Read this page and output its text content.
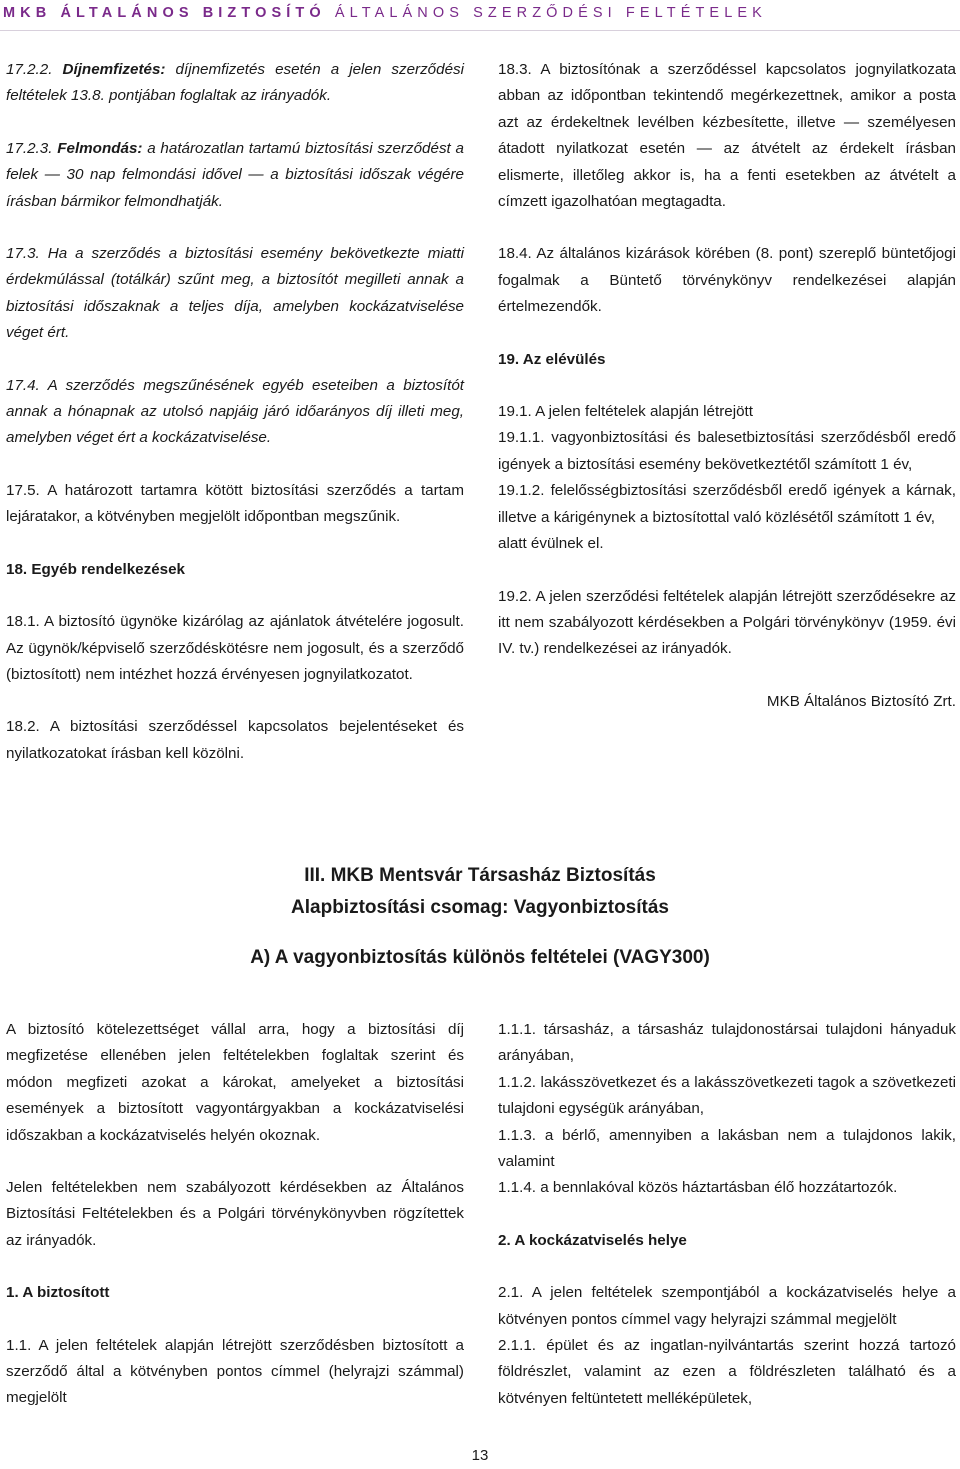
MKB ÁLTALÁNOS BIZTOSÍTÓ ÁLTALÁNOS SZERZŐDÉSI FELTÉTELEK

17.2.2. Díjnemfizetés: díjnemfizetés esetén a jelen szerződési feltételek 13.8. pontjában foglaltak az irányadók.

17.2.3. Felmondás: a határozatlan tartamú biztosítási szerződést a felek — 30 nap felmondási idővel — a biztosítási időszak végére írásban bármikor felmondhatják.

17.3. Ha a szerződés a biztosítási esemény bekövetkezte miatti érdekmúlással (totálkár) szűnt meg, a biztosítót megilleti annak a biztosítási időszaknak a teljes díja, amelyben kockázatviselése véget ért.

17.4. A szerződés megszűnésének egyéb eseteiben a biztosítót annak a hónapnak az utolsó napjáig járó időarányos díj illeti meg, amelyben véget ért a kockázatviselése.

17.5. A határozott tartamra kötött biztosítási szerződés a tartam lejáratakor, a kötvényben megjelölt időpontban megszűnik.

18. Egyéb rendelkezések

18.1. A biztosító ügynöke kizárólag az ajánlatok átvételére jogosult. Az ügynök/képviselő szerződéskötésre nem jogosult, és a szerződő (biztosított) nem intézhet hozzá érvényesen jognyilatkozatot.

18.2. A biztosítási szerződéssel kapcsolatos bejelentéseket és nyilatkozatokat írásban kell közölni.

18.3. A biztosítónak a szerződéssel kapcsolatos jognyilatkozata abban az időpontban tekintendő megérkezettnek, amikor a posta azt az érdekeltnek levélben kézbesítette, illetve — személyesen átadott nyilatkozat esetén — az átvételt az érdekelt írásban elismerte, illetőleg akkor is, ha a fenti esetekben az átvételt a címzett igazolhatóan megtagadta.

18.4. Az általános kizárások körében (8. pont) szereplő büntetőjogi fogalmak a Büntető törvénykönyv rendelkezései alapján értelmezendők.

19. Az elévülés

19.1. A jelen feltételek alapján létrejött

19.1.1. vagyonbiztosítási és balesetbiztosítási szerződésből eredő igények a biztosítási esemény bekövetkeztétől számított 1 év,

19.1.2. felelősségbiztosítási szerződésből eredő igények a kárnak, illetve a kárigénynek a biztosítottal való közlésétől számított 1 év,

alatt évülnek el.

19.2. A jelen szerződési feltételek alapján létrejött szerződésekre az itt nem szabályozott kérdésekben a Polgári törvénykönyv (1959. évi IV. tv.) rendelkezései az irányadók.

MKB Általános Biztosító Zrt.

III. MKB Mentsvár Társasház Biztosítás
Alapbiztosítási csomag: Vagyonbiztosítás
A) A vagyonbiztosítás különös feltételei (VAGY300)

A biztosító kötelezettséget vállal arra, hogy a biztosítási díj megfizetése ellenében jelen feltételekben foglaltak szerint és módon megfizeti azokat a károkat, amelyeket a biztosítási események a biztosított vagyontárgyakban a kockázatviselési időszakban a kockázatviselés helyén okoznak.

Jelen feltételekben nem szabályozott kérdésekben az Általános Biztosítási Feltételekben és a Polgári törvénykönyvben rögzítettek az irányadók.

1. A biztosított

1.1. A jelen feltételek alapján létrejött szerződésben biztosított a szerződő által a kötvényben pontos címmel (helyrajzi számmal) megjelölt

1.1.1. társasház, a társasház tulajdonostársai tulajdoni hányaduk arányában,

1.1.2. lakásszövetkezet és a lakásszövetkezeti tagok a szövetkezeti tulajdoni egységük arányában,

1.1.3. a bérlő, amennyiben a lakásban nem a tulajdonos lakik, valamint

1.1.4. a bennlakóval közös háztartásban élő hozzátartozók.

2. A kockázatviselés helye

2.1. A jelen feltételek szempontjából a kockázatviselés helye a kötvényen pontos címmel vagy helyrajzi számmal megjelölt

2.1.1. épület és az ingatlan-nyilvántartás szerint hozzá tartozó földrészlet, valamint az ezen a földrészleten található és a kötvényen feltüntetett melléképületek,

13
